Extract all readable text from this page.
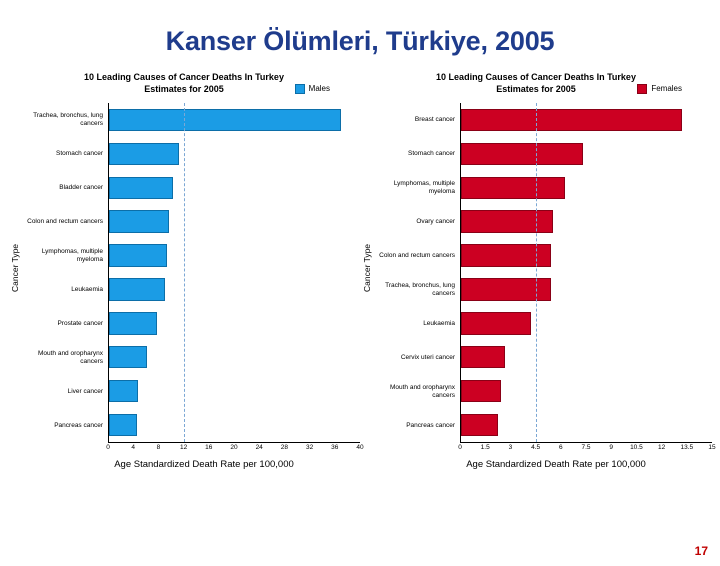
Kanser Ölümleri, Türkiye, 2005
10 Leading Causes of Cancer Deaths In Turkey
Estimates for 2005	Males
Cancer Type
Trachea, bronchus, lung cancers
Stomach cancer
Bladder cancer
Colon and rectum cancers
Lymphomas, multiple myeloma
Leukaemia
Prostate cancer
Mouth and oropharynx cancers
Liver cancer
Pancreas cancer
0	4	8	12	16	20	24	28	32	36	40
Age Standardized Death Rate per 100,000
10 Leading Causes of Cancer Deaths In Turkey
Estimates for 2005	Females
Cancer Type
Breast cancer
Stomach cancer
Lymphomas, multiple myeloma
Ovary cancer
Colon and rectum cancers
Trachea, bronchus, lung cancers
Leukaemia
Cervix uteri cancer
Mouth and oropharynx cancers
Pancreas cancer
0	1.5	3	4.5	6	7.5	9	10.5 12 13.5 15
Age Standardized Death Rate per 100,000
17
